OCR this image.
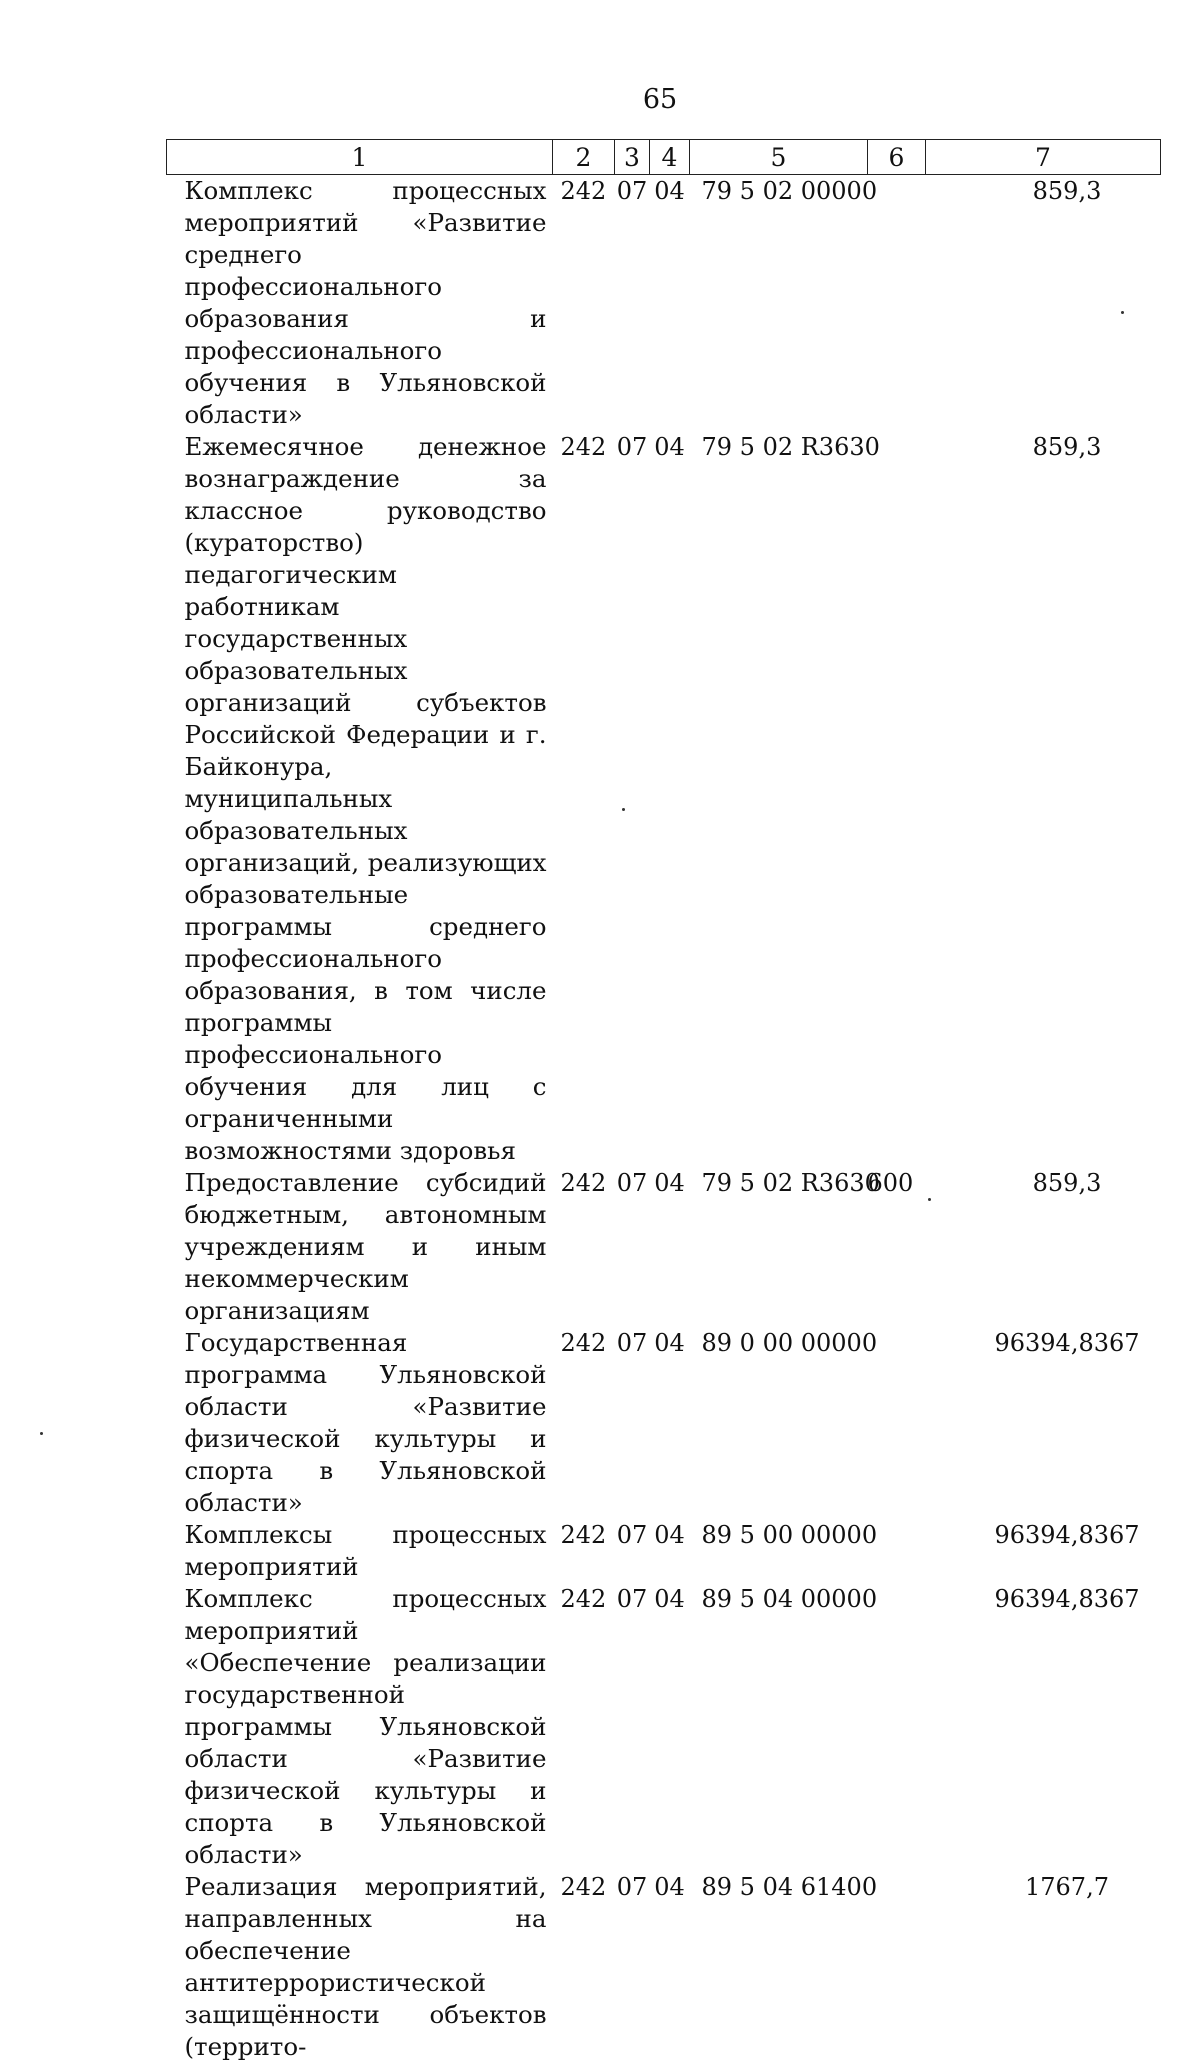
65
1	2	3	4	5	6	7
Комплекс процессных мероприятий «Развитие среднего профессионального образования и профессионального обучения в Ульяновской области»	242	07	04	79 5 02 00000		859,3
Ежемесячное денежное вознаграждение за классное руководство (кураторство) педагогическим работникам государственных образовательных организаций субъектов Российской Федерации и г. Байконура, муниципальных образовательных организаций, реализующих образовательные программы среднего профессионального образования, в том числе программы профессионального обучения для лиц с ограниченными возможностями здоровья	242	07	04	79 5 02 R3630		859,3
Предоставление субсидий бюджетным, автономным учреждениям и иным некоммерческим организациям	242	07	04	79 5 02 R3630	600	859,3
Государственная программа Ульяновской области «Развитие физической культуры и спорта в Ульяновской области»	242	07	04	89 0 00 00000		96394,8367
Комплексы процессных мероприятий	242	07	04	89 5 00 00000		96394,8367
Комплекс процессных мероприятий «Обеспечение реализации государственной программы Ульяновской области «Развитие физической культуры и спорта в Ульяновской области»	242	07	04	89 5 04 00000		96394,8367
Реализация мероприятий, направленных на обеспечение антитеррористической защищённости объектов (террито-	242	07	04	89 5 04 61400		1767,7
